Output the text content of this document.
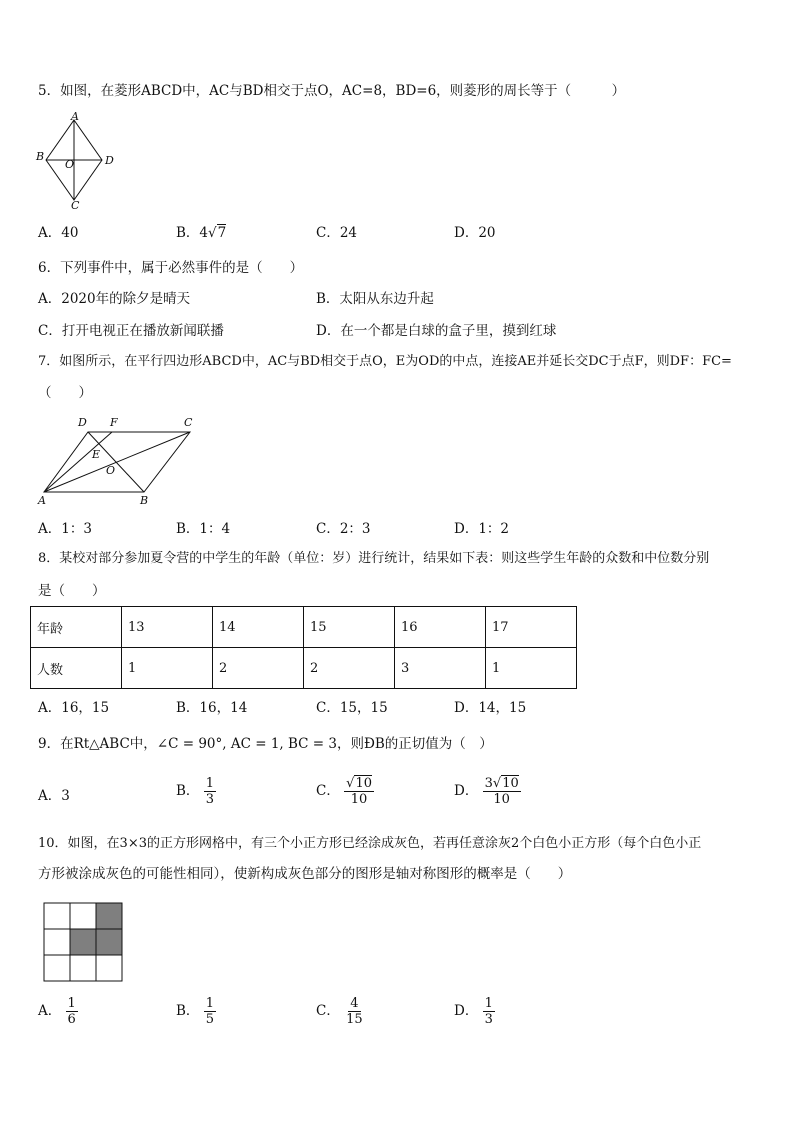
5．如图，在菱形ABCD中，AC与BD相交于点O，AC=8，BD=6，则菱形的周长等于（　　　）
A
B
O	D
C
A．40	B．4√7	C．24	D．20
6．下列事件中，属于必然事件的是（　　）
A．2020年的除夕是晴天	B．太阳从东边升起
C．打开电视正在播放新闻联播	D．在一个都是白球的盒子里，摸到红球
7．如图所示，在平行四边形ABCD中，AC与BD相交于点O，E为OD的中点，连接AE并延长交DC于点F，则DF：FC=
（　　）
D F	C
E
O
A	B
A．1：3	B．1：4	C．2：3	D．1：2
8．某校对部分参加夏令营的中学生的年龄（单位：岁）进行统计，结果如下表：则这些学生年龄的众数和中位数分别
是（　　）
年龄	13	14	15	16	17
人数	1	2	2	3	1
A．16，15	B．16，14	C．15，15	D．14，15
9．在Rt△ABC中，∠C = 90°, AC = 1, BC = 3，则ÐB的正切值为（　）
A．3	B． $\frac{1}{3}$	C． $\frac{√10}{10}$	D． $\frac{3√10}{10}$
10．如图，在3×3的正方形网格中，有三个小正方形已经涂成灰色，若再任意涂灰2个白色小正方形（每个白色小正
方形被涂成灰色的可能性相同），使新构成灰色部分的图形是轴对称图形的概率是（　　）
A． $\frac{1}{6}$	B． $\frac{1}{5}$	C． $\frac{4}{15}$	D． $\frac{1}{3}$
